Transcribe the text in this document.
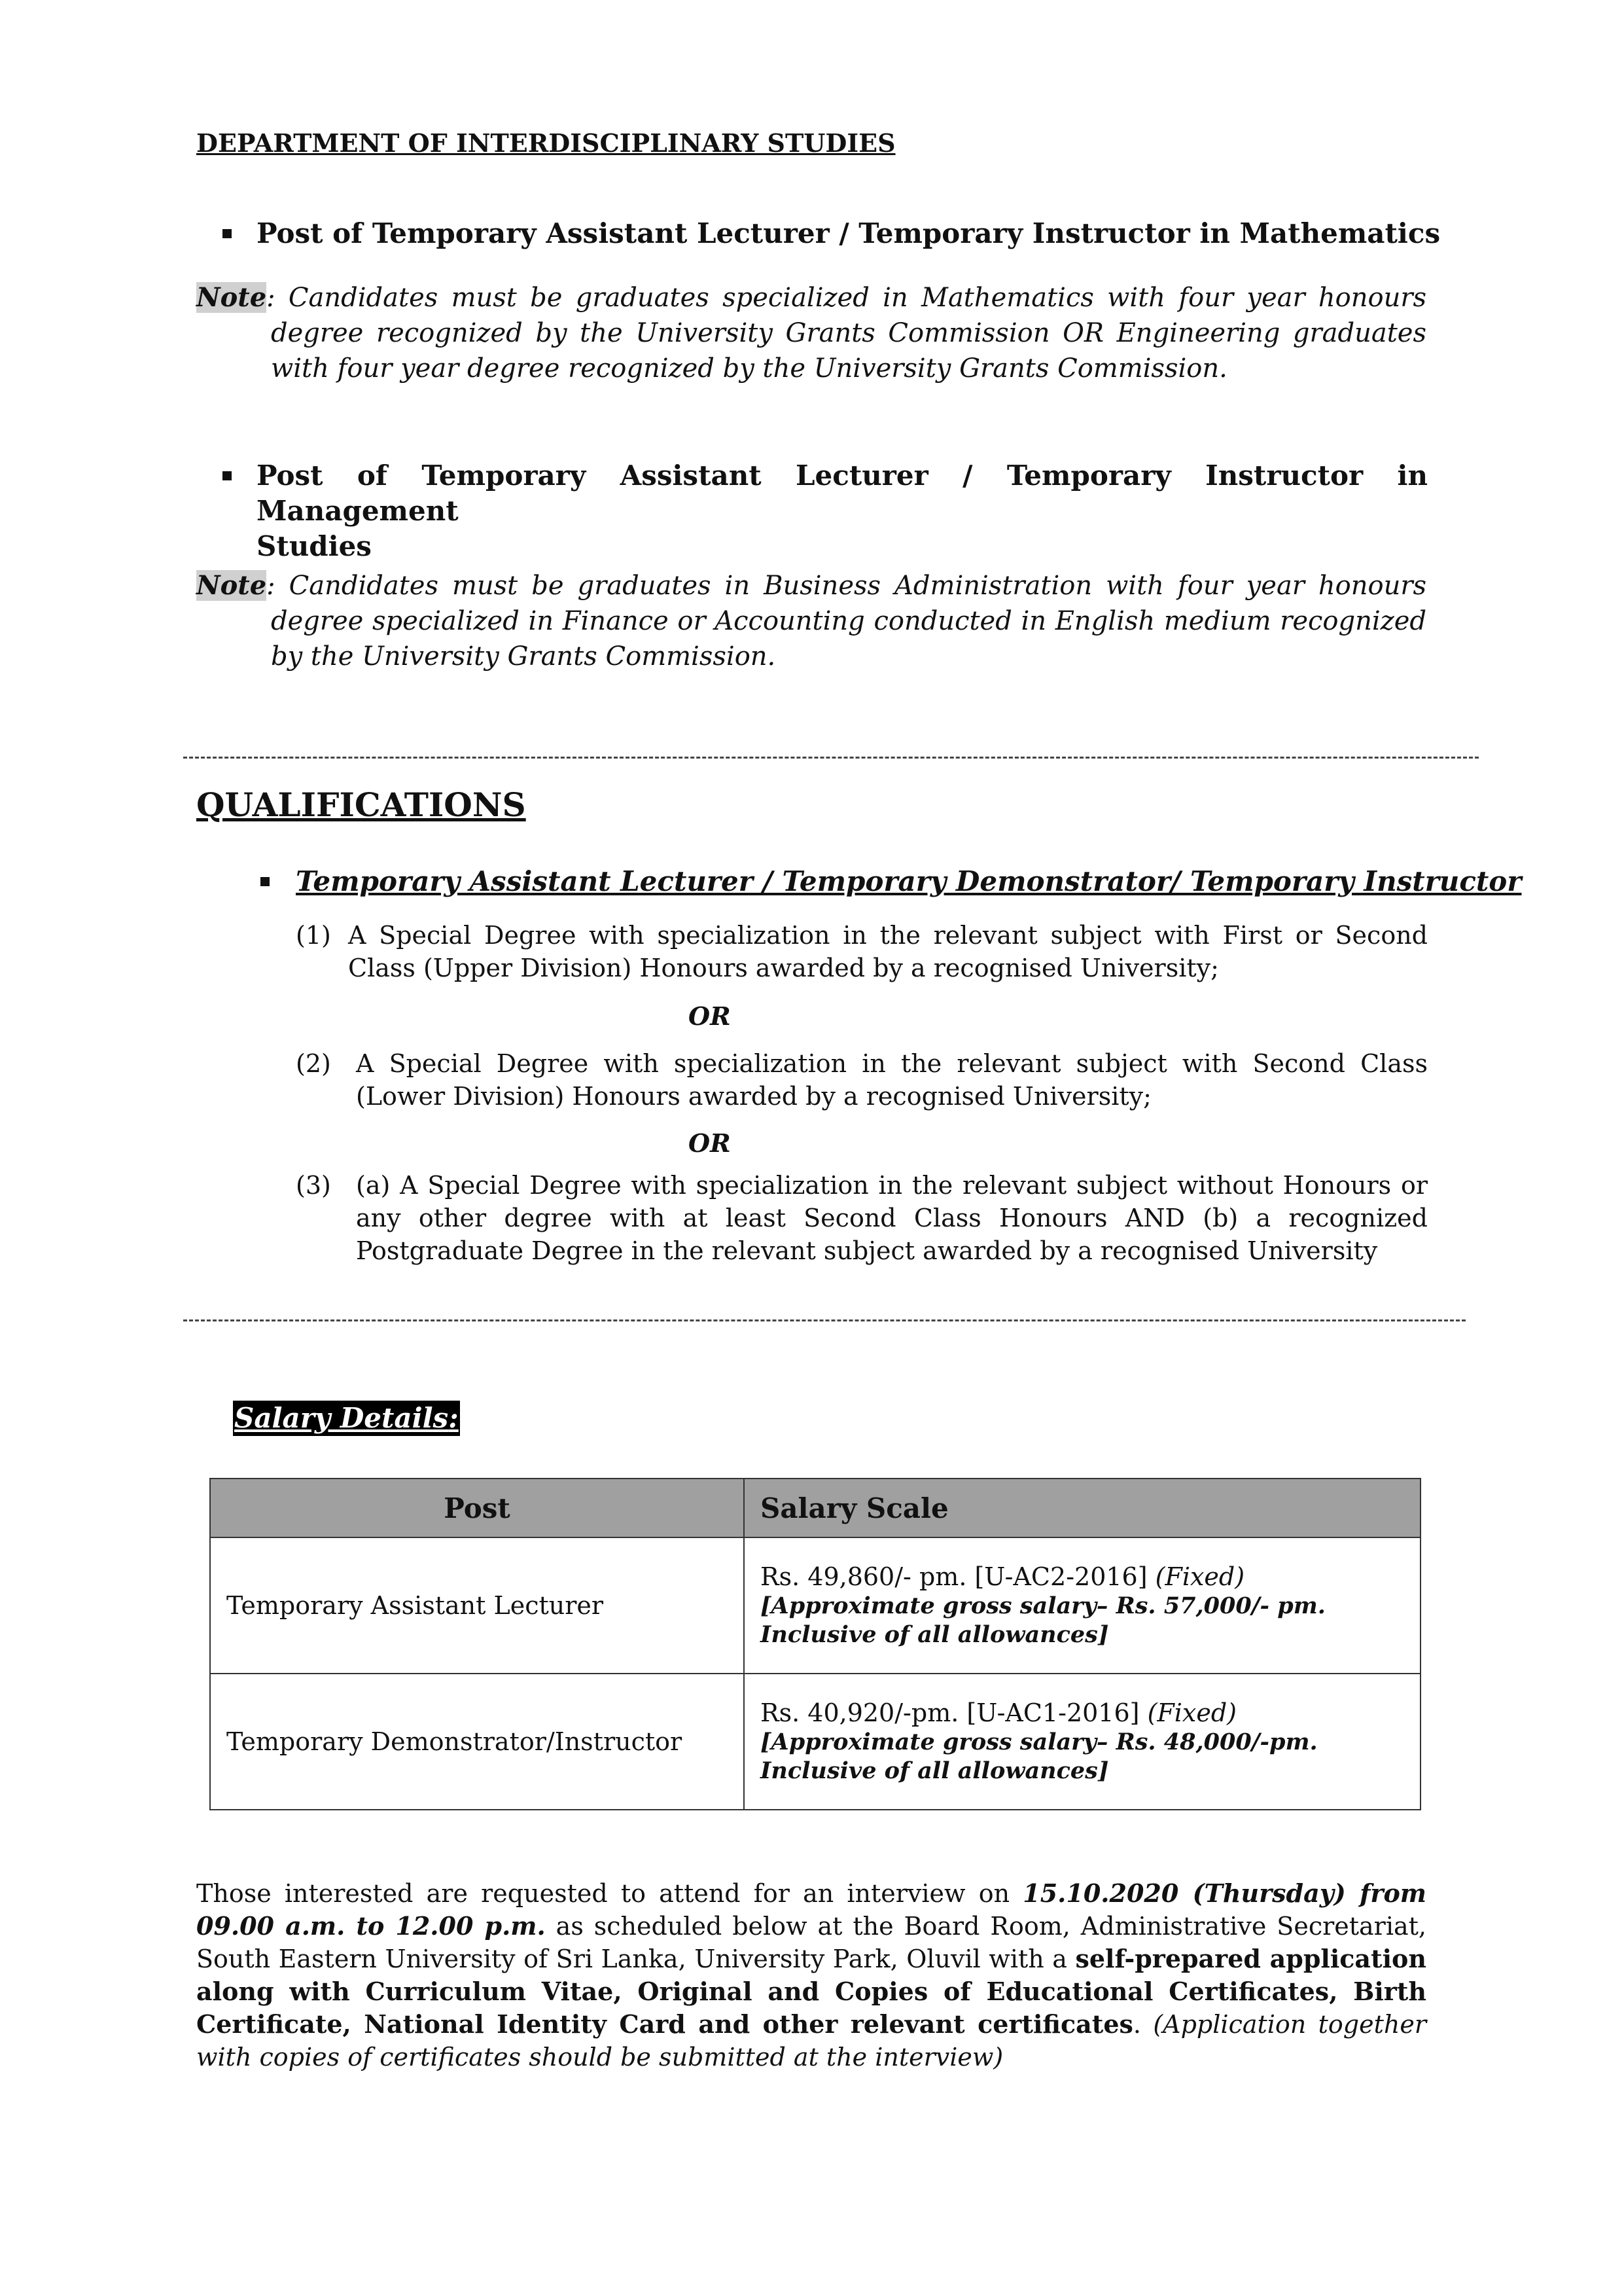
DEPARTMENT OF INTERDISCIPLINARY STUDIES
Post of Temporary Assistant Lecturer / Temporary Instructor in Mathematics
Note: Candidates must be graduates specialized in Mathematics with four year honours degree recognized by the University Grants Commission OR Engineering graduates with four year degree recognized by the University Grants Commission.
Post of Temporary Assistant Lecturer / Temporary Instructor in Management
Studies
Note: Candidates must be graduates in Business Administration with four year honours degree specialized in Finance or Accounting conducted in English medium recognized by the University Grants Commission.
QUALIFICATIONS
Temporary Assistant Lecturer / Temporary Demonstrator/ Temporary Instructor
(1) A Special Degree with specialization in the relevant subject with First or Second Class (Upper Division) Honours awarded by a recognised University;
OR
(2)	A Special Degree with specialization in the relevant subject with Second Class (Lower Division) Honours awarded by a recognised University;
OR
(3)	(a) A Special Degree with specialization in the relevant subject without Honours or any other degree with at least Second Class Honours AND (b) a recognized Postgraduate Degree in the relevant subject awarded by a recognised University
Salary Details:
Post	Salary Scale
Temporary Assistant Lecturer	Rs. 49,860/- pm. [U-AC2-2016] (Fixed)
[Approximate gross salary– Rs. 57,000/- pm. Inclusive of all allowances]

Temporary Demonstrator/Instructor	Rs. 40,920/-pm. [U-AC1-2016] (Fixed)
[Approximate gross salary– Rs. 48,000/-pm. Inclusive of all allowances]
Those interested are requested to attend for an interview on 15.10.2020 (Thursday) from 09.00 a.m. to 12.00 p.m. as scheduled below at the Board Room, Administrative Secretariat, South Eastern University of Sri Lanka, University Park, Oluvil with a self-prepared application along with Curriculum Vitae, Original and Copies of Educational Certificates, Birth Certificate, National Identity Card and other relevant certificates. (Application together with copies of certificates should be submitted at the interview)
